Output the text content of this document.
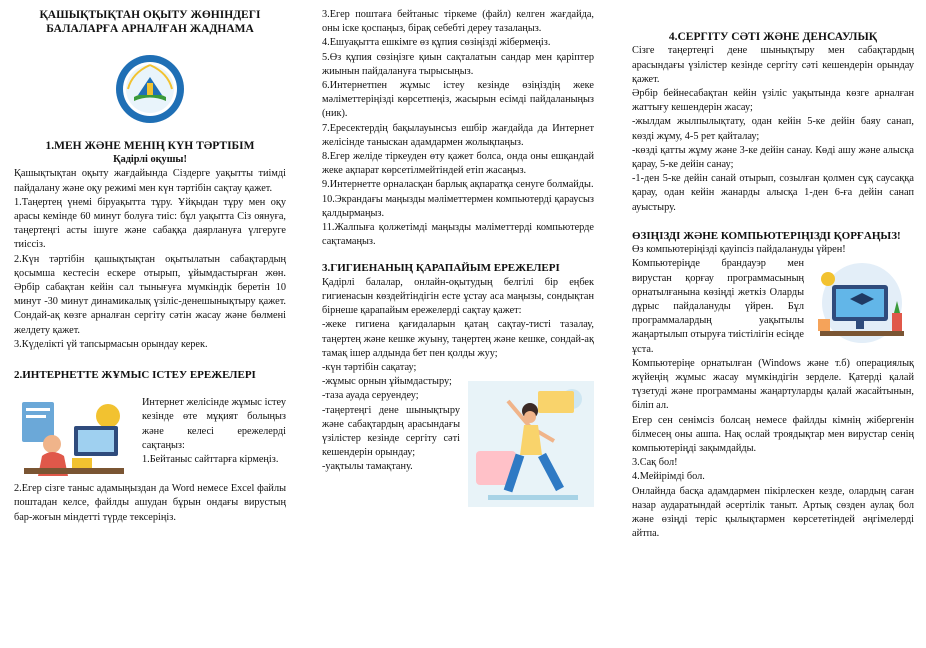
ҚАШЫҚТЫҚТАН ОҚЫТУ ЖӨНІНДЕГІ БАЛАЛАРҒА АРНАЛҒАН ЖАДНАМА

1.МЕН ЖӘНЕ МЕНІҢ КҮН ТӘРТІБІМ

Қадірлі оқушы!

Қашықтықтан оқыту жағдайында Сіздерге уақытты тиімді пайдалану және оқу режимі мен күн тәртібін сақтау қажет.

1.Таңертең үнемі біруақытта тұру. Ұйқыдан тұру мен оқу арасы кемінде 60 минут болуға тиіс: бұл уақытта Сіз оянуға, таңертеңгі асты ішуге және сабаққа даярлануға үлгеруге тиіссіз.

2.Күн тәртібін қашықтықтан оқытылатын сабақтардың қосымша кестесін ескере отырып, ұйымдастырған жөн. Әрбір сабақтан кейін сал тынығуға мүмкіндік беретін 10 минут -30 минут динамикалық үзіліс-денешынықтыру қажет. Сондай-ақ көзге арналған сергіту сәтін жасау және бөлмені желдету қажет.

3.Күделікті үй тапсырмасын орындау керек.

2.ИНТЕРНЕТТЕ ЖҰМЫС ІСТЕУ ЕРЕЖЕЛЕРІ

Интернет желісінде жұмыс істеу кезінде өте мұқият болыңыз және келесі ережелерді сақтаңыз:

1.Бейтаныс сайттарға кірмеңіз.

2.Егер сізге таныс адамыңыздан да Word немесе Excel файлы поштадан келсе, файлды ашудан бұрын ондағы вирустың бар-жоғын міндетті түрде тексеріңіз.

3.Егер поштаға бейтаныс тіркеме (файл) келген жағдайда, оны іске қоспаңыз, бірақ себебті дереу тазалаңыз.

4.Ешуақытта ешкімге өз құпия сөзіңізді жібермеңіз.

5.Өз құпия сөзіңізге қиын сақталатын сандар мен қаріптер жиынын пайдалануға тырысыңыз.

6.Интернетпен жұмыс істеу кезінде өзіңіздің жеке мәліметтеріңізді көрсетпеңіз, жасырын есімді пайдаланыңыз (ник).

7.Ересектердің бақылауынсыз ешбір жағдайда да Интернет желісінде таныскан адамдармен жолықпаңыз.

8.Егер желіде тіркеуден өту қажет болса, онда оны ешқандай жеке ақпарат көрсетілмейтіндей етіп жасаңыз.

9.Интернетте орналасқан барлық ақпаратқа сенуге болмайды.

10.Экрандағы маңызды мәліметтермен компьютерді қараусыз қалдырмаңыз.

11.Жалпыға қолжетімді маңызды мәліметтерді компьютерде сақтамаңыз.

3.ГИГИЕНАНЫҢ ҚАРАПАЙЫМ ЕРЕЖЕЛЕРІ

Қадірлі балалар, онлайн-оқытудың белгілі бір еңбек гигиенасын көздейтіндігін есте ұстау аса маңызы, сондықтан бірнеше қарапайым ережелерді сақтау қажет:

-жеке гигиена қағидаларын қатаң сақтау-тисті тазалау, таңертең және кешке жуыну, таңертең және кешке, сондай-ақ тамақ ішер алдында бет пен қолды жуу;

-күн тәртібін сақатау;

-жұмыс орнын ұйымдастыру;

-таза ауада серуендеу;

-таңертеңгі дене шынықтыру және сабақтардың арасындағы үзілістер кезінде сергіту сәті кешендерін орындау;

-уақтылы тамақтану.

4.СЕРГІТУ СӘТІ ЖӘНЕ ДЕНСАУЛЫҚ

Сізге таңертеңгі дене шынықтыру мен сабақтардың арасындағы үзілістер кезінде сергіту сәті кешендерін орындау қажет.

Әрбір бейнесабақтан кейін үзіліс уақытында көзге арналған жаттығу кешендерін жасау;

-жылдам жылпылықтату, одан кейін 5-ке дейін баяу санап, көзді жұму, 4-5 рет қайталау;

-көзді қатты жұму және 3-ке дейін санау. Көді ашу және алысқа қарау, 5-ке дейін санау;

-1-ден 5-ке дейін санай отырып, созылған қолмен сұқ саусаққа қарау, одан кейін жанарды алысқа 1-ден 6-ға дейін санап ауыстыру.

ӨЗІҢІЗДІ ЖӘНЕ КОМПЬЮТЕРІҢІЗДІ ҚОРҒАҢЫЗ!

Өз компьютеріңізді қауіпсіз пайдалануды үйрен!

Компьютеріңде брандауэр мен вирустан қорғау программасының орнатылғанына көзіңді жеткіз Оларды дұрыс пайдалануды үйрен. Бұл программалардың уақытылы жаңартылып отыруға тиістілігін есіңде ұста.

Компьютеріңе орнатылған (Windows және т.б) операциялық жүйеңің жұмыс жасау мүмкіндігін зерделе. Қатерді қалай түзетуді және программаны жаңартуларды қалай жасайтынын, біліп ал.

Егер сен сенімсіз болсаң немесе файлды кімнің жібергенін білмесең оны ашпа. Нақ ослай троядықтар мен вирустар сенің компьютеріңді зақымдайды.

3.Сақ бол!

4.Мейірімді бол.

Онлайнда басқа адамдармен пікірлескен кезде, олардың саған назар аударатындай әсертілік таныт. Артық сөзден аулақ бол және өзіңді теріс қылықтармен көрсететіндей әңгімелерді айтпа.
